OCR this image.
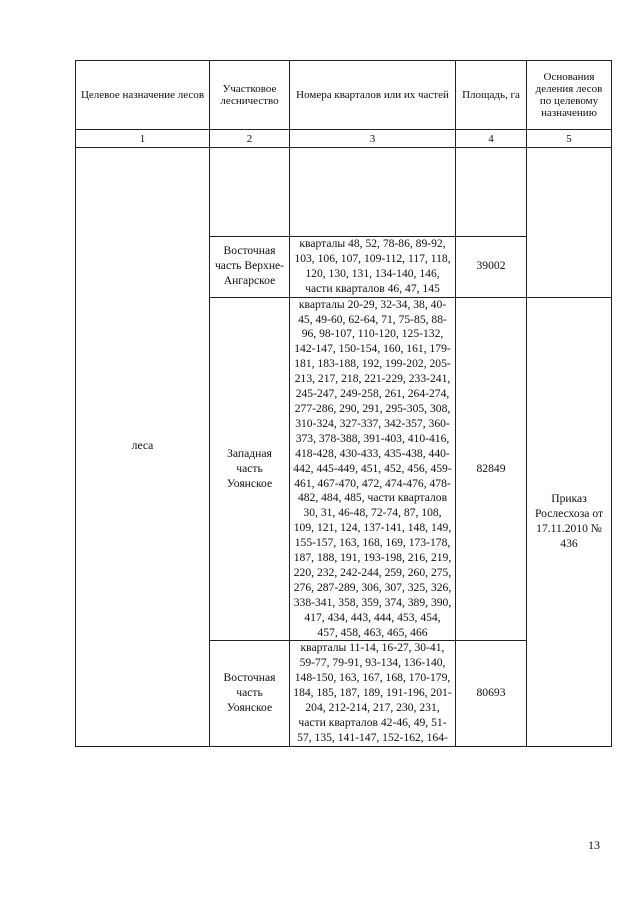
Целевое назначение лесов	Участковое лесничество	Номера кварталов или их частей	Площадь, га	Основания деления лесов по целевому назначению
1	2	3	4	5
леса				
	Восточная часть Верхне-Ангарское	кварталы 48, 52, 78-86, 89-92, 103, 106, 107, 109-112, 117, 118, 120, 130, 131, 134-140, 146, части кварталов 46, 47, 145	39002	
	Западная часть Уоянское	кварталы 20-29, 32-34, 38, 40-45, 49-60, 62-64, 71, 75-85, 88-96, 98-107, 110-120, 125-132, 142-147, 150-154, 160, 161, 179-181, 183-188, 192, 199-202, 205-213, 217, 218, 221-229, 233-241, 245-247, 249-258, 261, 264-274, 277-286, 290, 291, 295-305, 308, 310-324, 327-337, 342-357, 360-373, 378-388, 391-403, 410-416, 418-428, 430-433, 435-438, 440-442, 445-449, 451, 452, 456, 459-461, 467-470, 472, 474-476, 478-482, 484, 485, части кварталов 30, 31, 46-48, 72-74, 87, 108, 109, 121, 124, 137-141, 148, 149, 155-157, 163, 168, 169, 173-178, 187, 188, 191, 193-198, 216, 219, 220, 232, 242-244, 259, 260, 275, 276, 287-289, 306, 307, 325, 326, 338-341, 358, 359, 374, 389, 390, 417, 434, 443, 444, 453, 454, 457, 458, 463, 465, 466	82849	Приказ Рослесхоза от 17.11.2010 № 436
	Восточная часть Уоянское	кварталы 11-14, 16-27, 30-41, 59-77, 79-91, 93-134, 136-140, 148-150, 163, 167, 168, 170-179, 184, 185, 187, 189, 191-196, 201-204, 212-214, 217, 230, 231, части кварталов 42-46, 49, 51-57, 135, 141-147, 152-162, 164-	80693	
13
